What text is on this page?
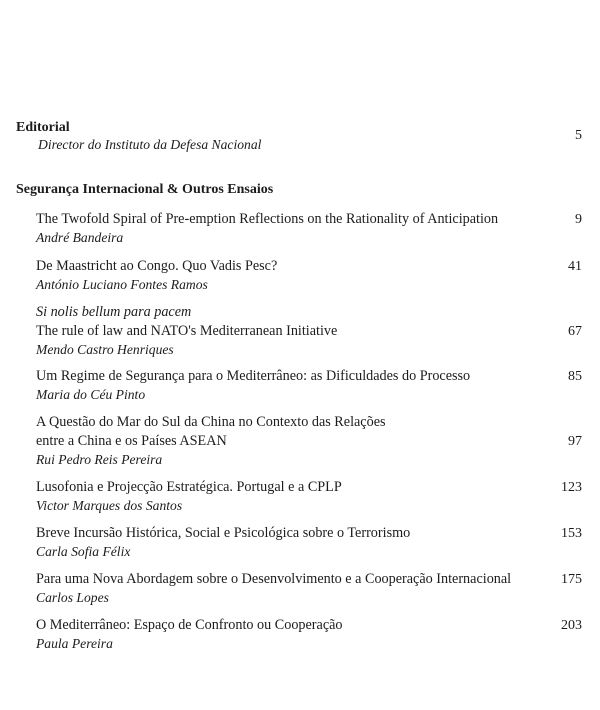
Editorial
Director do Instituto da Defesa Nacional
5
Segurança Internacional & Outros Ensaios
The Twofold Spiral of Pre-emption Reflections on the Rationality of Anticipation
André Bandeira
9
De Maastricht ao Congo. Quo Vadis Pesc?
António Luciano Fontes Ramos
41
Si nolis bellum para pacem
The rule of law and NATO's Mediterranean Initiative
Mendo Castro Henriques
67
Um Regime de Segurança para o Mediterrâneo: as Dificuldades do Processo
Maria do Céu Pinto
85
A Questão do Mar do Sul da China no Contexto das Relações
entre a China e os Países ASEAN
Rui Pedro Reis Pereira
97
Lusofonia e Projecção Estratégica. Portugal e a CPLP
Victor Marques dos Santos
123
Breve Incursão Histórica, Social e Psicológica sobre o Terrorismo
Carla Sofia Félix
153
Para uma Nova Abordagem sobre o Desenvolvimento e a Cooperação Internacional
Carlos Lopes
175
O Mediterrâneo: Espaço de Confronto ou Cooperação
Paula Pereira
203
